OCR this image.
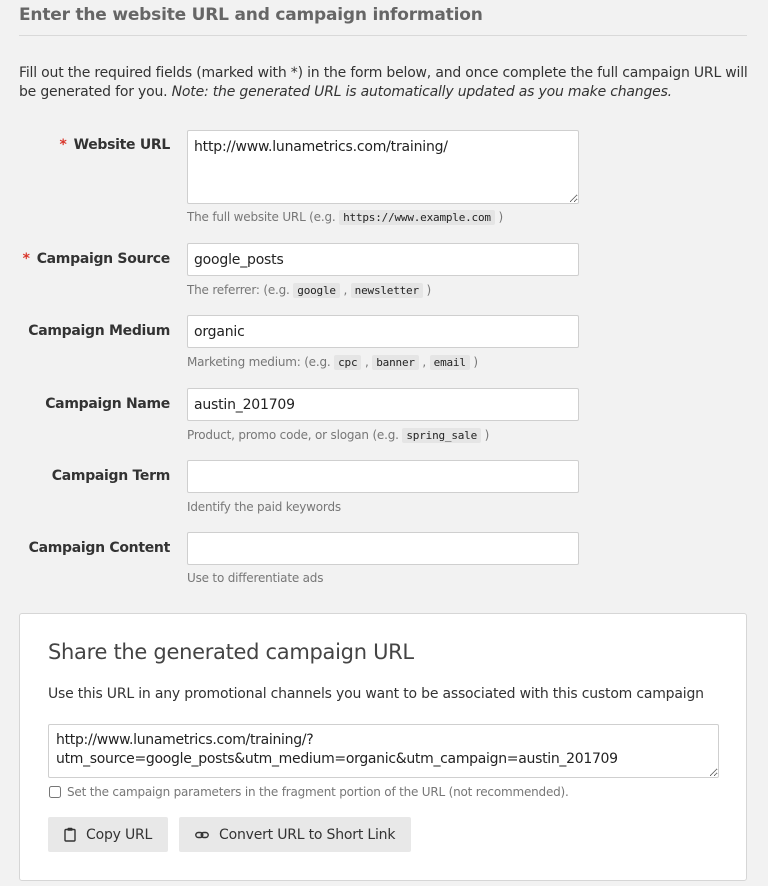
Enter the website URL and campaign information
Fill out the required fields (marked with *) in the form below, and once complete the full campaign URL will be generated for you. Note: the generated URL is automatically updated as you make changes.
* Website URL
http://www.lunametrics.com/training/
The full website URL (e.g. https://www.example.com )
* Campaign Source
google_posts
The referrer: (e.g. google , newsletter )
Campaign Medium
organic
Marketing medium: (e.g. cpc , banner , email )
Campaign Name
austin_201709
Product, promo code, or slogan (e.g. spring_sale )
Campaign Term
Identify the paid keywords
Campaign Content
Use to differentiate ads
Share the generated campaign URL
Use this URL in any promotional channels you want to be associated with this custom campaign
http://www.lunametrics.com/training/?utm_source=google_posts&utm_medium=organic&utm_campaign=austin_201709
Set the campaign parameters in the fragment portion of the URL (not recommended).
Copy URL	Convert URL to Short Link
